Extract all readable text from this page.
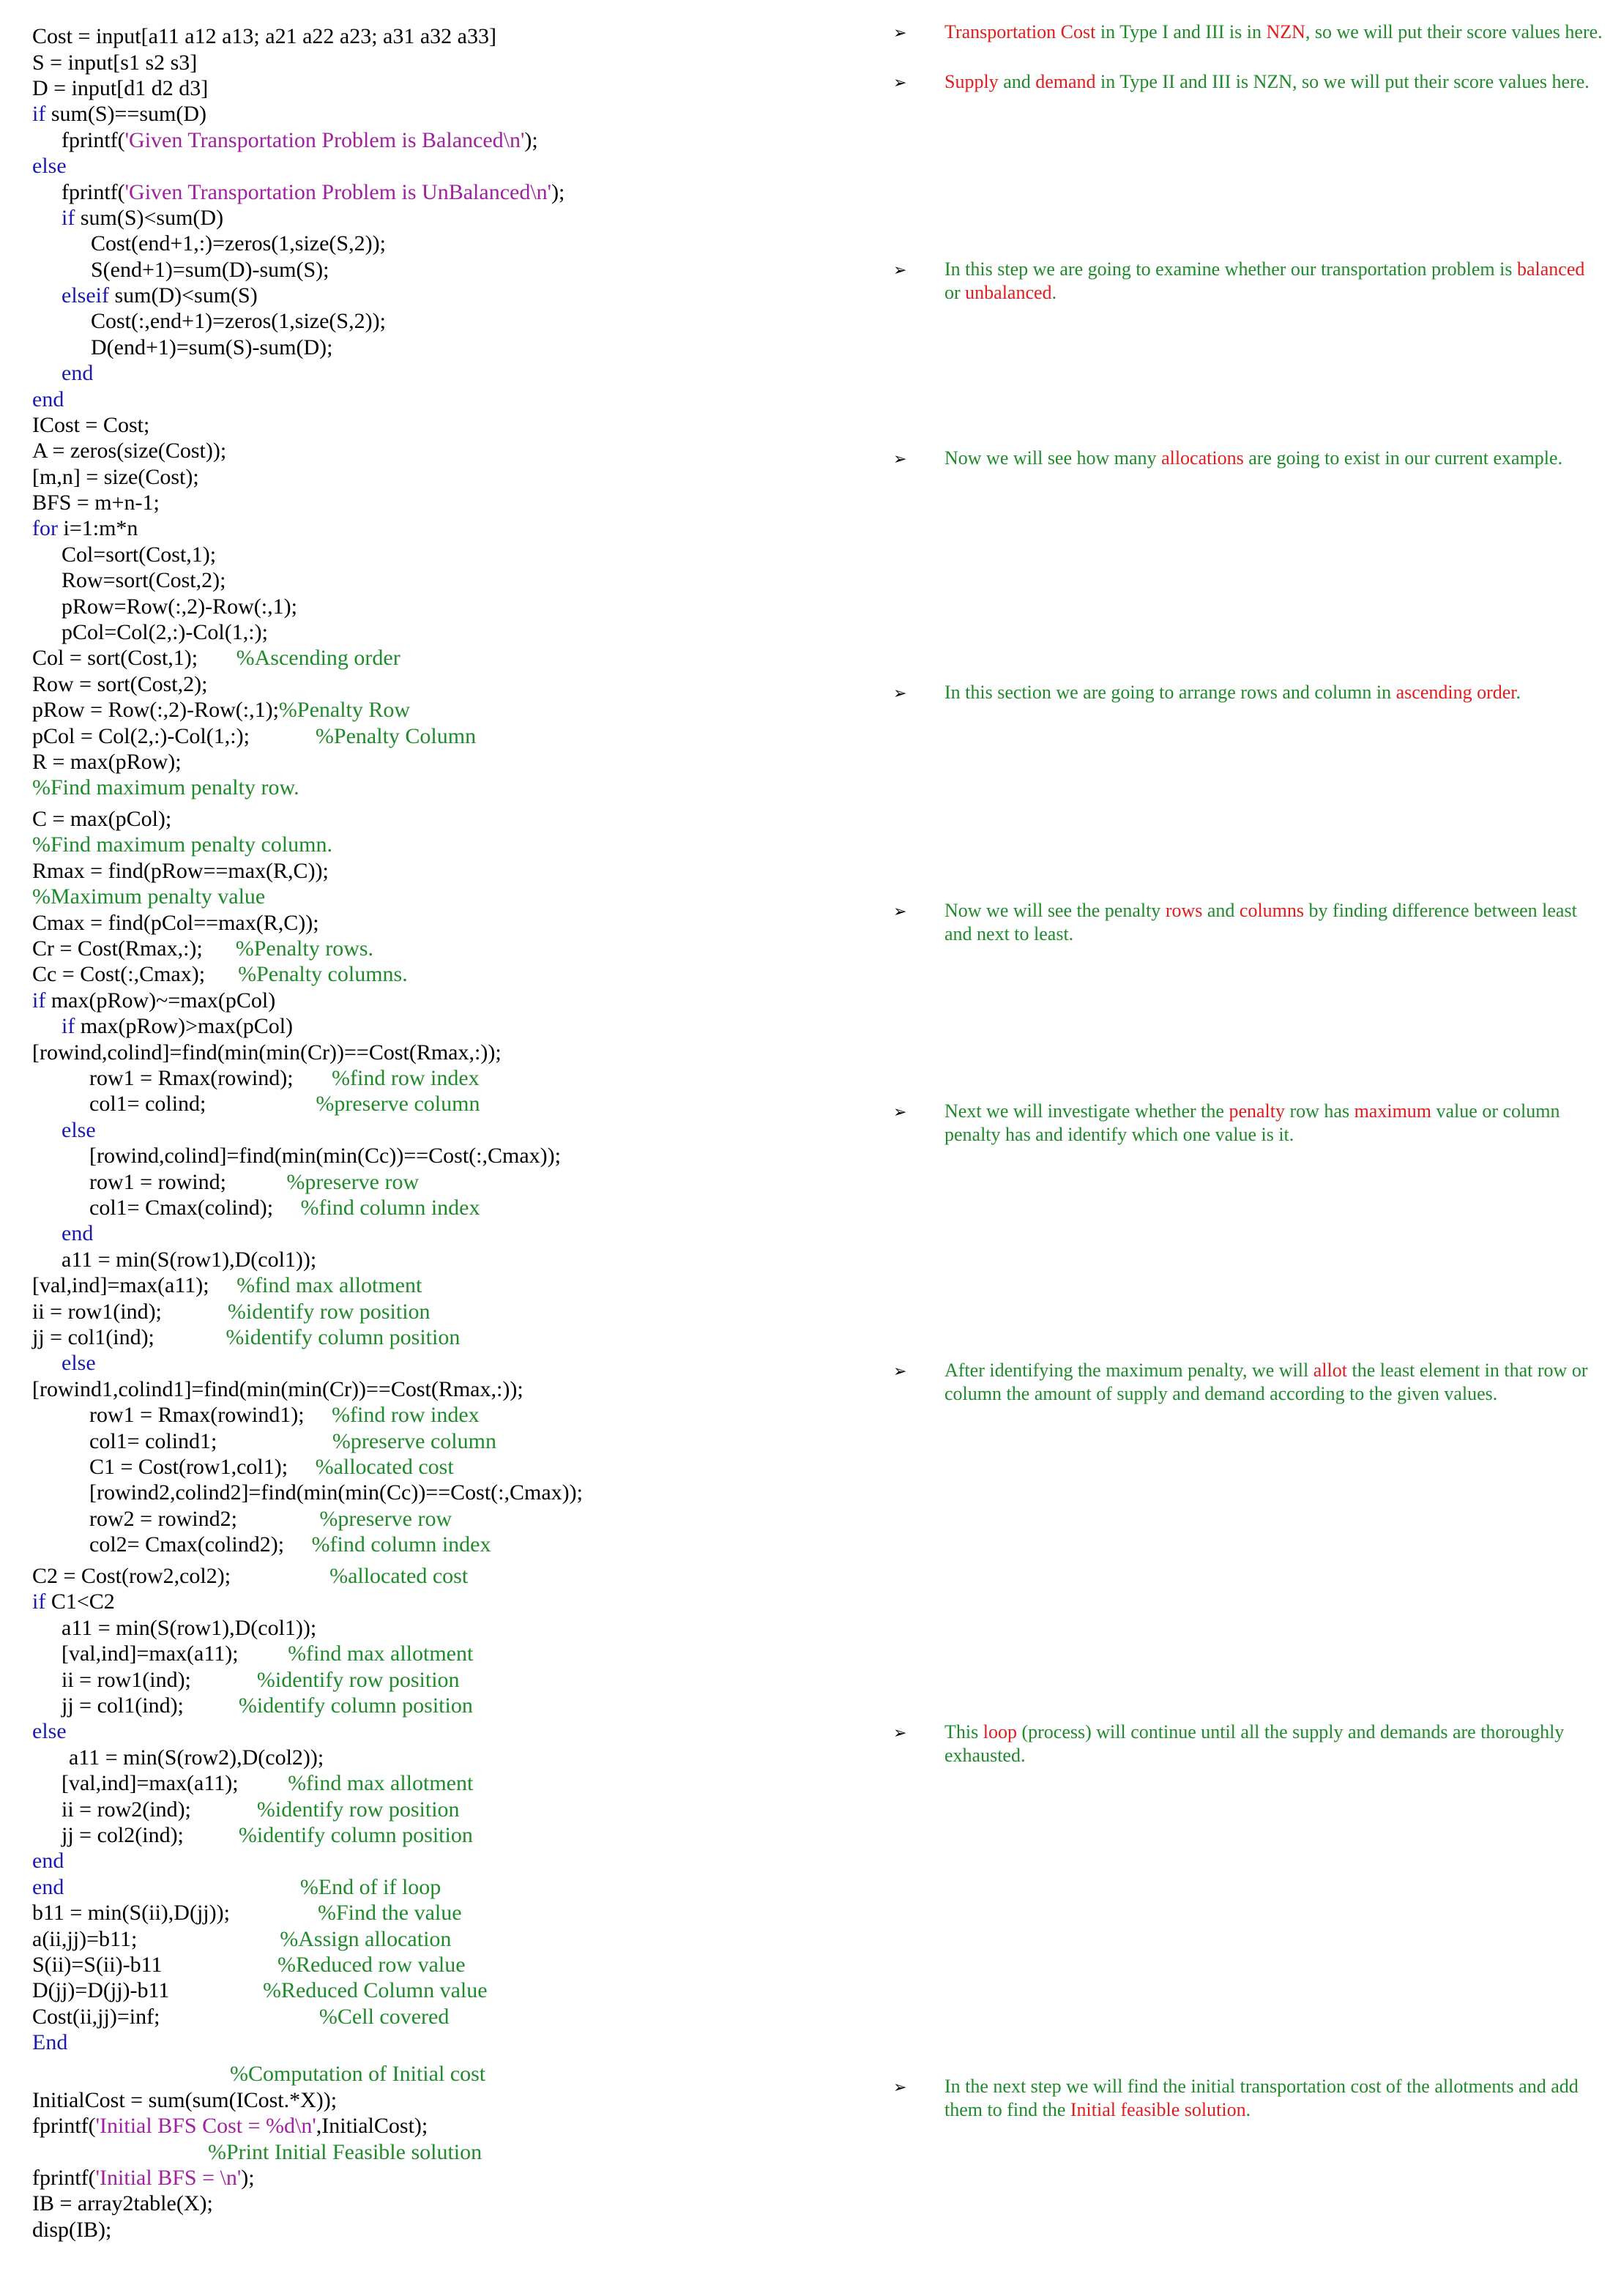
Cost = input[a11 a12 a13; a21 a22 a23; a31 a32 a33]
S = input[s1 s2 s3]
D = input[d1 d2 d3]
if sum(S)==sum(D)
fprintf('Given Transportation Problem is Balanced\n');
else
fprintf('Given Transportation Problem is UnBalanced\n');
if sum(S)<sum(D)
Cost(end+1,:)=zeros(1,size(S,2));
S(end+1)=sum(D)-sum(S);
elseif sum(D)<sum(S)
Cost(:,end+1)=zeros(1,size(S,2));
D(end+1)=sum(S)-sum(D);
end
end
ICost = Cost;
A = zeros(size(Cost));
[m,n] = size(Cost);
BFS = m+n-1;
for i=1:m*n
Col=sort(Cost,1);
Row=sort(Cost,2);
pRow=Row(:,2)-Row(:,1);
pCol=Col(2,:)-Col(1,:);
Col = sort(Cost,1);       %Ascending order
Row = sort(Cost,2);
pRow = Row(:,2)-Row(:,1);%Penalty Row
pCol = Col(2,:)-Col(1,:);            %Penalty Column
R = max(pRow);
%Find maximum penalty row.
C = max(pCol);
%Find maximum penalty column.
Rmax = find(pRow==max(R,C));
%Maximum penalty value
Cmax = find(pCol==max(R,C));
Cr = Cost(Rmax,:);      %Penalty rows.
Cc = Cost(:,Cmax);      %Penalty columns.
if max(pRow)~=max(pCol)
if max(pRow)>max(pCol)
[rowind,colind]=find(min(min(Cr))==Cost(Rmax,:));
row1 = Rmax(rowind);       %find row index
col1= colind;                    %preserve column
else
[rowind,colind]=find(min(min(Cc))==Cost(:,Cmax));
row1 = rowind;           %preserve row
col1= Cmax(colind);     %find column index
end
a11 = min(S(row1),D(col1));
[val,ind]=max(a11);     %find max allotment
ii = row1(ind);            %identify row position
jj = col1(ind);             %identify column position
else
[rowind1,colind1]=find(min(min(Cr))==Cost(Rmax,:));
row1 = Rmax(rowind1);     %find row index
col1= colind1;                     %preserve column
C1 = Cost(row1,col1);     %allocated cost
[rowind2,colind2]=find(min(min(Cc))==Cost(:,Cmax));
row2 = rowind2;               %preserve row
col2= Cmax(colind2);     %find column index
C2 = Cost(row2,col2);                  %allocated cost
if C1<C2
a11 = min(S(row1),D(col1));
[val,ind]=max(a11);         %find max allotment
ii = row1(ind);            %identify row position
jj = col1(ind);          %identify column position
else
a11 = min(S(row2),D(col2));
[val,ind]=max(a11);         %find max allotment
ii = row2(ind);            %identify row position
jj = col2(ind);          %identify column position
end
end                                           %End of if loop
b11 = min(S(ii),D(jj));                %Find the value
a(ii,jj)=b11;                          %Assign allocation
S(ii)=S(ii)-b11                     %Reduced row value
D(jj)=D(jj)-b11                 %Reduced Column value
Cost(ii,jj)=inf;                             %Cell covered
End
%Computation of Initial cost
InitialCost = sum(sum(ICost.*X));
fprintf('Initial BFS Cost = %d\n',InitialCost);
%Print Initial Feasible solution
fprintf('Initial BFS = \n');
IB = array2table(X);
disp(IB);
➢ Transportation Cost in Type I and III is in NZN, so we will put their score values here.
➢ Supply and demand in Type II and III is NZN, so we will put their score values here.
➢ In this step we are going to examine whether our transportation problem is balanced or unbalanced.
➢ Now we will see how many allocations are going to exist in our current example.
➢ In this section we are going to arrange rows and column in ascending order.
➢ Now we will see the penalty rows and columns by finding difference between least and next to least.
➢ Next we will investigate whether the penalty row has maximum value or column penalty has and identify which one value is it.
➢ After identifying the maximum penalty, we will allot the least element in that row or column the amount of supply and demand according to the given values.
➢ This loop (process) will continue until all the supply and demands are thoroughly exhausted.
➢ In the next step we will find the initial transportation cost of the allotments and add them to find the Initial feasible solution.
